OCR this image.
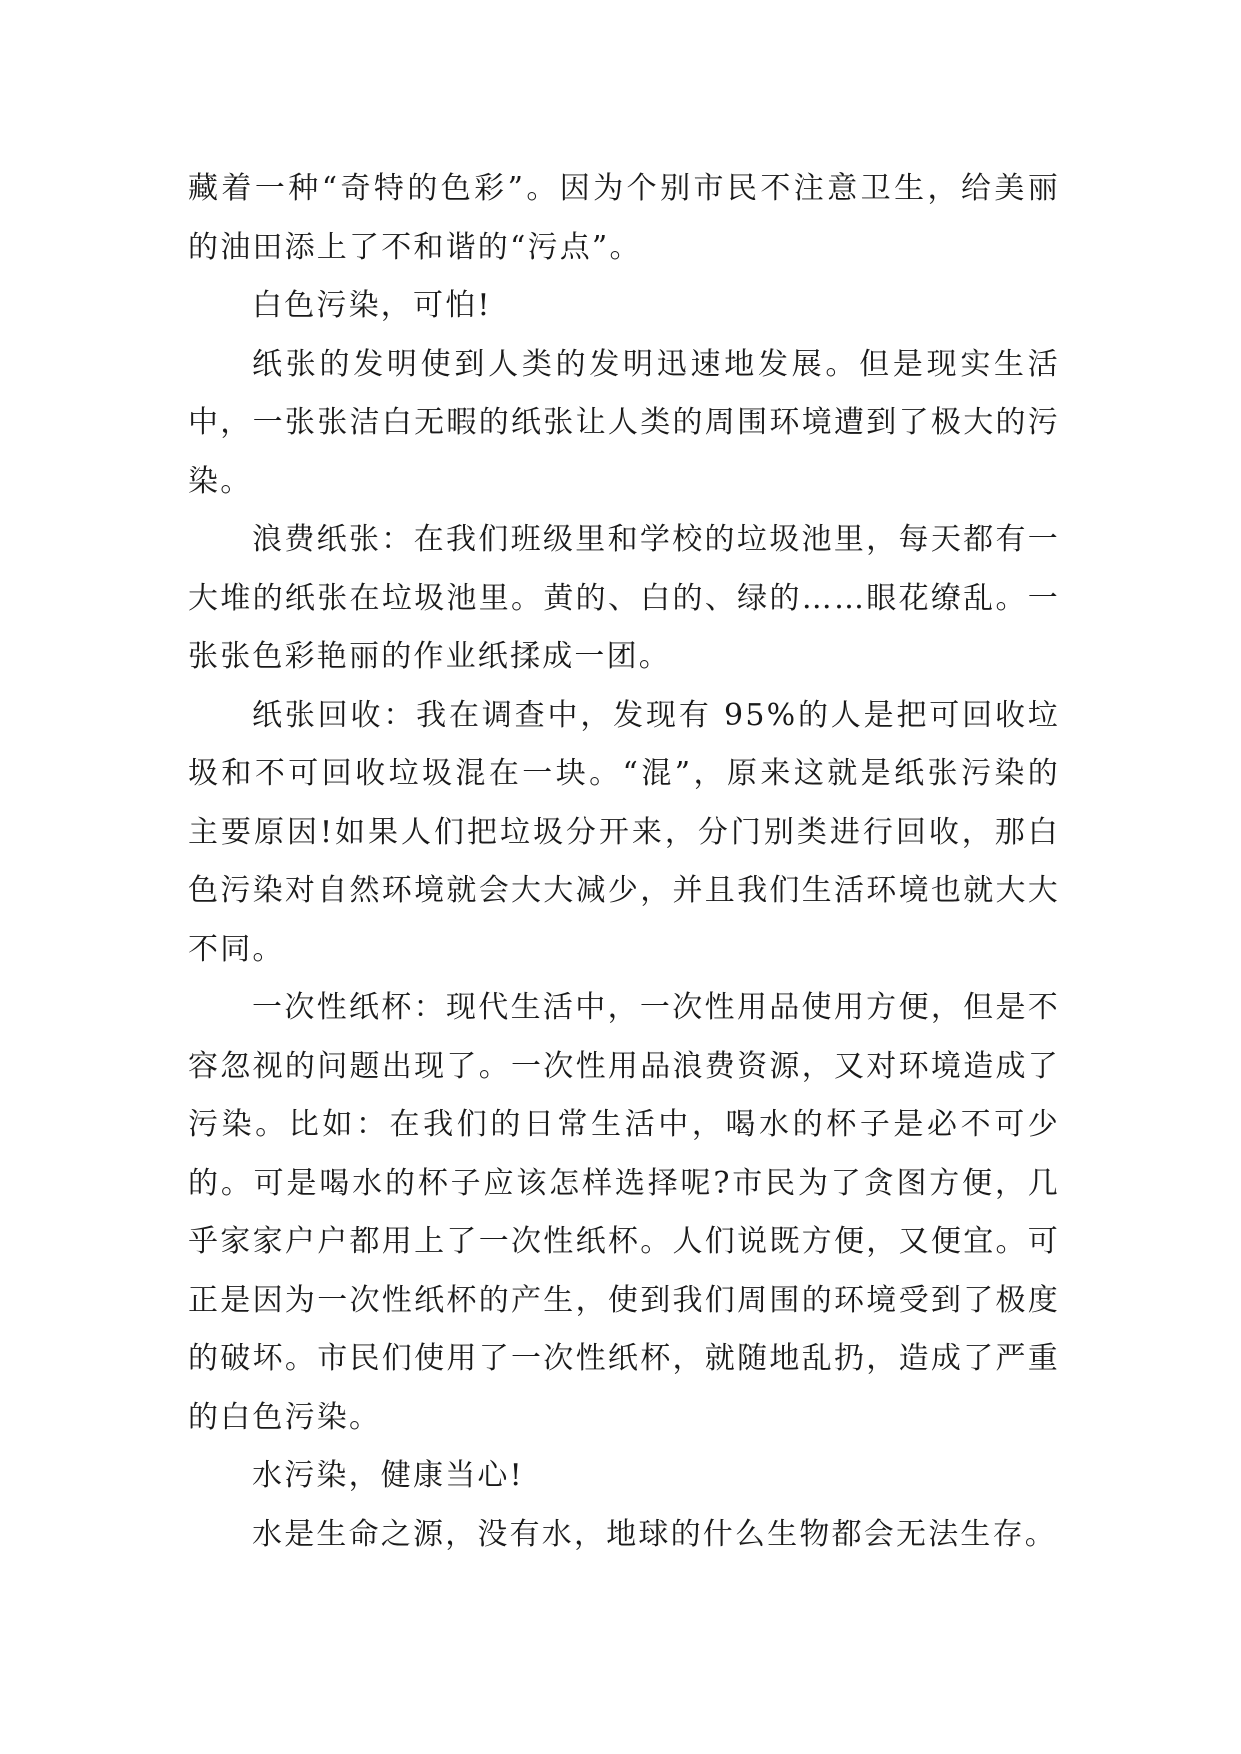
藏着一种“奇特的色彩”。因为个别市民不注意卫生，给美丽的油田添上了不和谐的“污点”。

白色污染，可怕!

纸张的发明使到人类的发明迅速地发展。但是现实生活中，一张张洁白无暇的纸张让人类的周围环境遭到了极大的污染。

浪费纸张：在我们班级里和学校的垃圾池里，每天都有一大堆的纸张在垃圾池里。黄的、白的、绿的……眼花缭乱。一张张色彩艳丽的作业纸揉成一团。

纸张回收：我在调查中，发现有 95%的人是把可回收垃圾和不可回收垃圾混在一块。“混”，原来这就是纸张污染的主要原因!如果人们把垃圾分开来，分门别类进行回收，那白色污染对自然环境就会大大减少，并且我们生活环境也就大大不同。

一次性纸杯：现代生活中，一次性用品使用方便，但是不容忽视的问题出现了。一次性用品浪费资源，又对环境造成了污染。比如：在我们的日常生活中，喝水的杯子是必不可少的。可是喝水的杯子应该怎样选择呢?市民为了贪图方便，几乎家家户户都用上了一次性纸杯。人们说既方便，又便宜。可正是因为一次性纸杯的产生，使到我们周围的环境受到了极度的破坏。市民们使用了一次性纸杯，就随地乱扔，造成了严重的白色污染。

水污染，健康当心!

水是生命之源，没有水，地球的什么生物都会无法生存。
